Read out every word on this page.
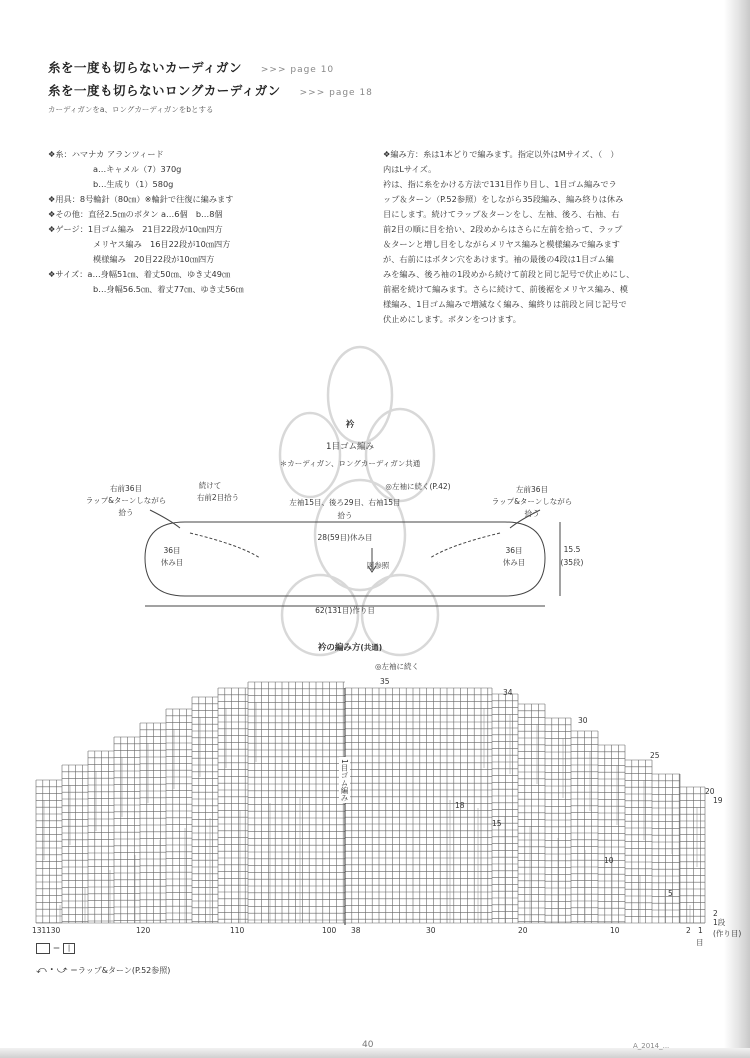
糸を一度も切らないカーディガン >>> page 10
糸を一度も切らないロングカーディガン >>> page 18
カーディガンをa、ロングカーディガンをbとする
❖糸：ハマナカ アランツィード
a…キャメル（7）370g
b…生成り（1）580g
❖用具：8号輪針（80㎝）※輪針で往復に編みます
❖その他：直径2.5㎝のボタン a…6個　b…8個
❖ゲージ：1目ゴム編み　21目22段が10㎝四方
メリヤス編み　16目22段が10㎝四方
模様編み　20目22段が10㎝四方
❖サイズ：a…身幅51㎝、着丈50㎝、ゆき丈49㎝
b…身幅56.5㎝、着丈77㎝、ゆき丈56㎝
❖編み方：糸は1本どりで編みます。指定以外はMサイズ、（　）
内はLサイズ。
衿は、指に糸をかける方法で131目作り目し、1目ゴム編みでラ
ップ＆ターン（P.52参照）をしながら35段編み、編み終りは休み
目にします。続けてラップ＆ターンをし、左袖、後ろ、右袖、右
前2目の順に目を拾い、2段めからはさらに左前を拾って、ラップ
＆ターンと増し目をしながらメリヤス編みと模様編みで編みます
が、右前にはボタン穴をあけます。袖の最後の4段は1目ゴム編
みを編み、後ろ袖の1段めから続けて前段と同じ記号で伏止めにし、
前裾を続けて編みます。さらに続けて、前後裾をメリヤス編み、模
様編み、1目ゴム編みで増減なく編み、編終りは前段と同じ記号で
伏止めにします。ボタンをつけます。
衿
1目ゴム編み
＊カーディガン、ロングカーディガン共通
◎左袖に続く(P.42)
右前36目
ラップ&ターンしながら
拾う
続けて
右前2目拾う
左袖15目、後ろ29目、右袖15目
拾う
左前36目
ラップ&ターンしながら
拾う
28(59目)休み目
36目
休み目
36目
休み目
図参照
15.5
(35段)
62(131目)作り目
衿の編み方(共通)
◎左袖に続く
1目ゴム編み
35
34
30
25
20
19
18
15
10
5
2
1段
(作り目)
131 130	120	110	100 38	30	20	10	2 1
目
＝ |
⤺・⤻ ＝ラップ&ターン(P.52参照)
40	A_2014_...
